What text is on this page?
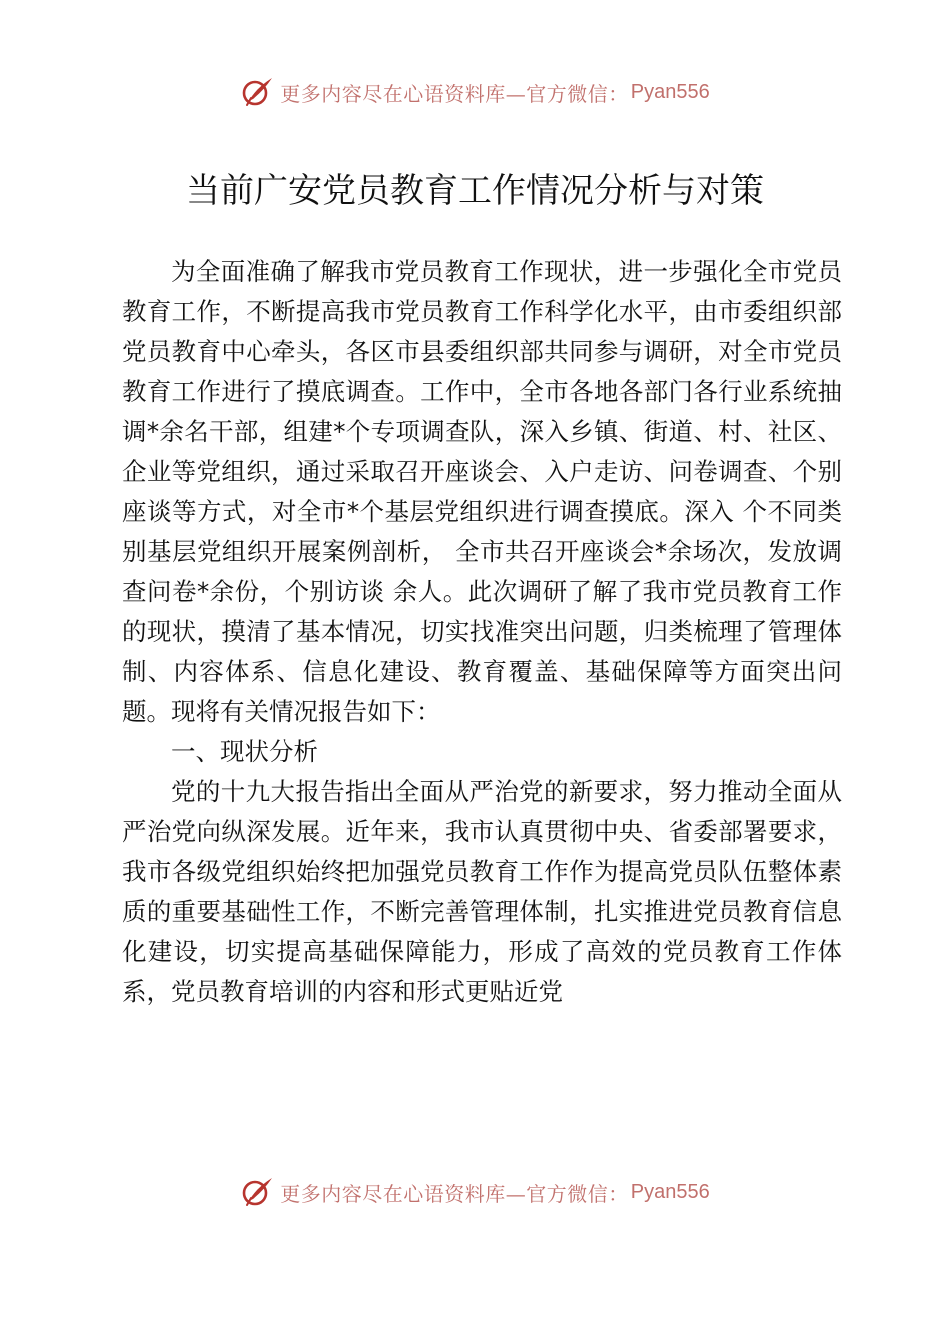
更多内容尽在心语资料库—官方微信： Pyan556
当前广安党员教育工作情况分析与对策

为全面准确了解我市党员教育工作现状，进一步强化全市党员教育工作，不断提高我市党员教育工作科学化水平，由市委组织部党员教育中心牵头，各区市县委组织部共同参与调研，对全市党员教育工作进行了摸底调查。工作中，全市各地各部门各行业系统抽调*余名干部，组建*个专项调查队，深入乡镇、街道、村、社区、企业等党组织，通过采取召开座谈会、入户走访、问卷调查、个别座谈等方式，对全市*个基层党组织进行调查摸底。深入 个不同类别基层党组织开展案例剖析， 全市共召开座谈会*余场次，发放调查问卷*余份，个别访谈 余人。此次调研了解了我市党员教育工作的现状，摸清了基本情况，切实找准突出问题，归类梳理了管理体制、内容体系、信息化建设、教育覆盖、基础保障等方面突出问题。现将有关情况报告如下：

一、现状分析

党的十九大报告指出全面从严治党的新要求，努力推动全面从严治党向纵深发展。近年来，我市认真贯彻中央、省委部署要求，我市各级党组织始终把加强党员教育工作作为提高党员队伍整体素质的重要基础性工作，不断完善管理体制，扎实推进党员教育信息化建设，切实提高基础保障能力，形成了高效的党员教育工作体系，党员教育培训的内容和形式更贴近党

更多内容尽在心语资料库—官方微信： Pyan556
